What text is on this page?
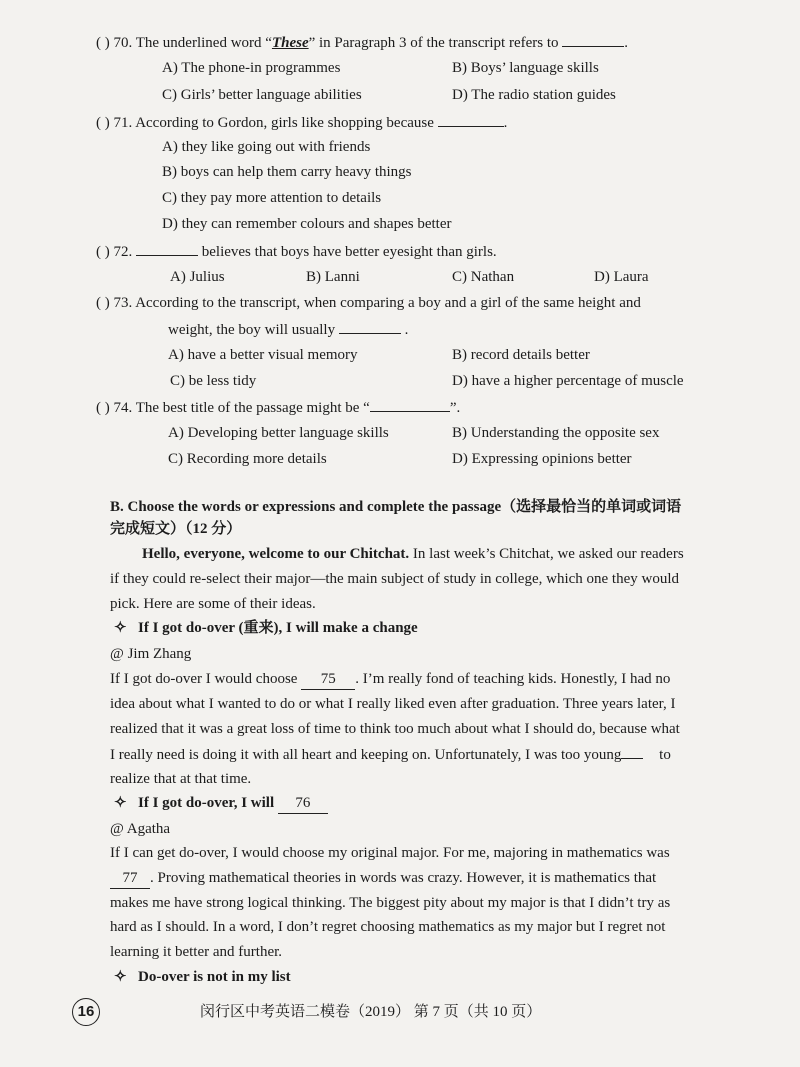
( ) 70. The underlined word “These” in Paragraph 3 of the transcript refers to	.
A) The phone-in programmes	B) Boys’ language skills
C) Girls’ better language abilities	D) The radio station guides
( ) 71. According to Gordon, girls like shopping because	.
A) they like going out with friends
B) boys can help them carry heavy things
C) they pay more attention to details
D) they can remember colours and shapes better
( ) 72.	believes that boys have better eyesight than girls.
A) Julius	B) Lanni	C) Nathan	D) Laura
( ) 73. According to the transcript, when comparing a boy and a girl of the same height and
weight, the boy will usually	.
A) have a better visual memory	B) record details better
C) be less tidy	D) have a higher percentage of muscle
( ) 74. The best title of the passage might be “	”.
A) Developing better language skills	B) Understanding the opposite sex
C) Recording more details	D) Expressing opinions better
B. Choose the words or expressions and complete the passage（选择最恰当的单词或词语
完成短文）（12 分）
Hello, everyone, welcome to our Chitchat. In last week’s Chitchat, we asked our readers
if they could re-select their major—the main subject of study in college, which one they would
pick. Here are some of their ideas.
✧ If I got do-over (重来), I will make a change
@ Jim Zhang
If I got do-over I would choose 75 . I’m really fond of teaching kids. Honestly, I had no
idea about what I wanted to do or what I really liked even after graduation. Three years later, I
realized that it was a great loss of time to think too much about what I should do, because what
I really need is doing it with all heart and keeping on. Unfortunately, I was too young	to
realize that at that time.
✧ If I got do-over, I will 76
@ Agatha
If I can get do-over, I would choose my original major. For me, majoring in mathematics was
77 . Proving mathematical theories in words was crazy. However, it is mathematics that
makes me have strong logical thinking. The biggest pity about my major is that I didn’t try as
hard as I should. In a word, I don’t regret choosing mathematics as my major but I regret not
learning it better and further.
✧ Do-over is not in my list
16	闵行区中考英语二模卷（2019） 第 7 页（共 10 页）
